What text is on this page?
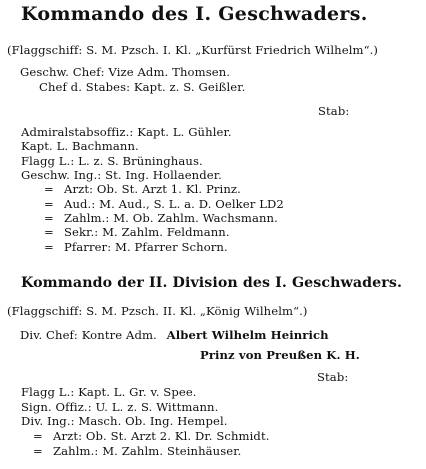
Kommando des I. Geschwaders.
(Flaggschiff: S. M. Pzsch. I. Kl. „Kurfürst Friedrich Wilhelm“.)
Geschw. Chef: Vize Adm. Thomsen.
Chef d. Stabes: Kapt. z. S. Geißler.
Stab:
Admiralstabsoffiz.: Kapt. L. Gühler.
Kapt. L. Bachmann.
Flagg L.: L. z. S. Brüninghaus.
Geschw. Ing.: St. Ing. Hollaender.
= Arzt: Ob. St. Arzt 1. Kl. Prinz.
= Aud.: M. Aud., S. L. a. D. Oelker LD2
= Zahlm.: M. Ob. Zahlm. Wachsmann.
= Sekr.: M. Zahlm. Feldmann.
= Pfarrer: M. Pfarrer Schorn.
Kommando der II. Division des I. Geschwaders.
(Flaggschiff: S. M. Pzsch. II. Kl. „König Wilhelm“.)
Div. Chef: Kontre Adm. Albert Wilhelm Heinrich
Prinz von Preußen K. H.
Stab:
Flagg L.: Kapt. L. Gr. v. Spee.
Sign. Offiz.: U. L. z. S. Wittmann.
Div. Ing.: Masch. Ob. Ing. Hempel.
= Arzt: Ob. St. Arzt 2. Kl. Dr. Schmidt.
= Zahlm.: M. Zahlm. Steinhäuser.
